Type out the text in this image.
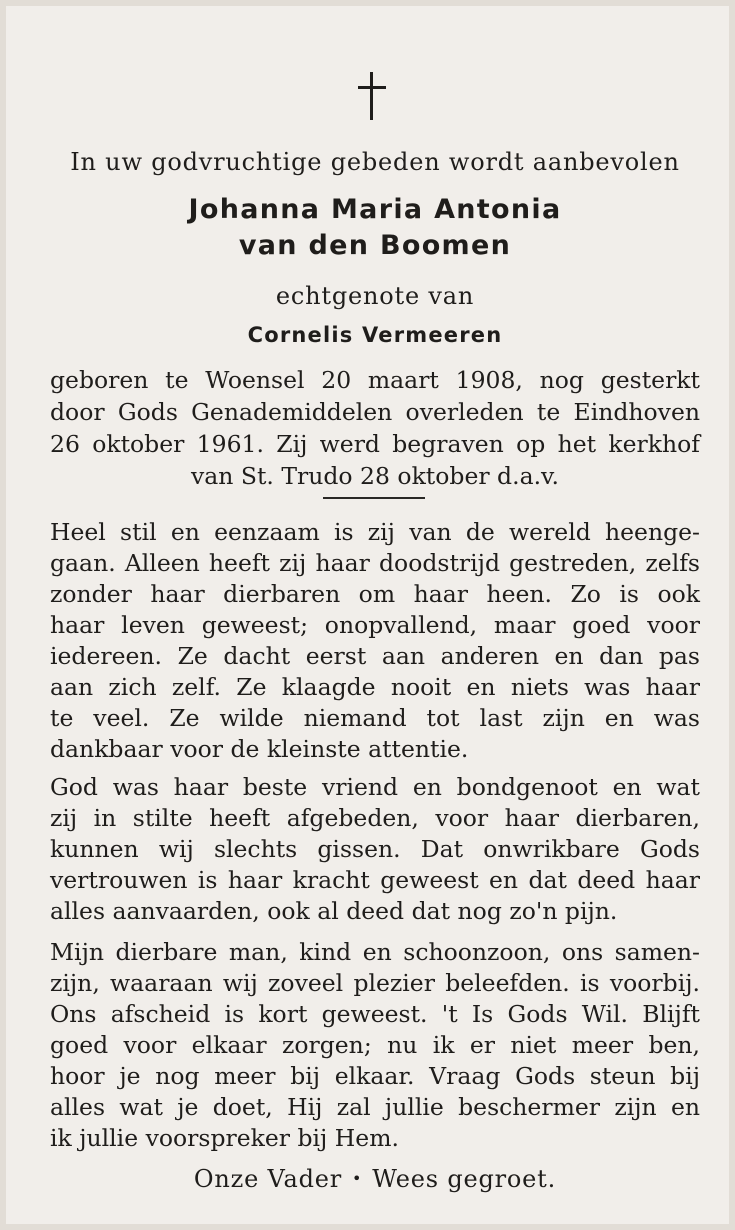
In uw godvruchtige gebeden wordt aanbevolen

Johanna Maria Antonia

van den Boomen

echtgenote van

Cornelis Vermeeren

geboren te Woensel 20 maart 1908, nog gesterkt

door Gods Genademiddelen overleden te Eindhoven

26 oktober 1961. Zij werd begraven op het kerkhof

van St. Trudo 28 oktober d.a.v.

Heel stil en eenzaam is zij van de wereld heenge-

gaan. Alleen heeft zij haar doodstrijd gestreden, zelfs

zonder haar dierbaren om haar heen. Zo is ook

haar leven geweest; onopvallend, maar goed voor

iedereen. Ze dacht eerst aan anderen en dan pas

aan zich zelf. Ze klaagde nooit en niets was haar

te veel. Ze wilde niemand tot last zijn en was

dankbaar voor de kleinste attentie.

God was haar beste vriend en bondgenoot en wat

zij in stilte heeft afgebeden, voor haar dierbaren,

kunnen wij slechts gissen. Dat onwrikbare Gods

vertrouwen is haar kracht geweest en dat deed haar

alles aanvaarden, ook al deed dat nog zo'n pijn.

Mijn dierbare man, kind en schoonzoon, ons samen-

zijn, waaraan wij zoveel plezier beleefden. is voorbij.

Ons afscheid is kort geweest. 't Is Gods Wil. Blijft

goed voor elkaar zorgen; nu ik er niet meer ben,

hoor je nog meer bij elkaar. Vraag Gods steun bij

alles wat je doet, Hij zal jullie beschermer zijn en

ik jullie voorspreker bij Hem.

Onze Vader • Wees gegroet.
